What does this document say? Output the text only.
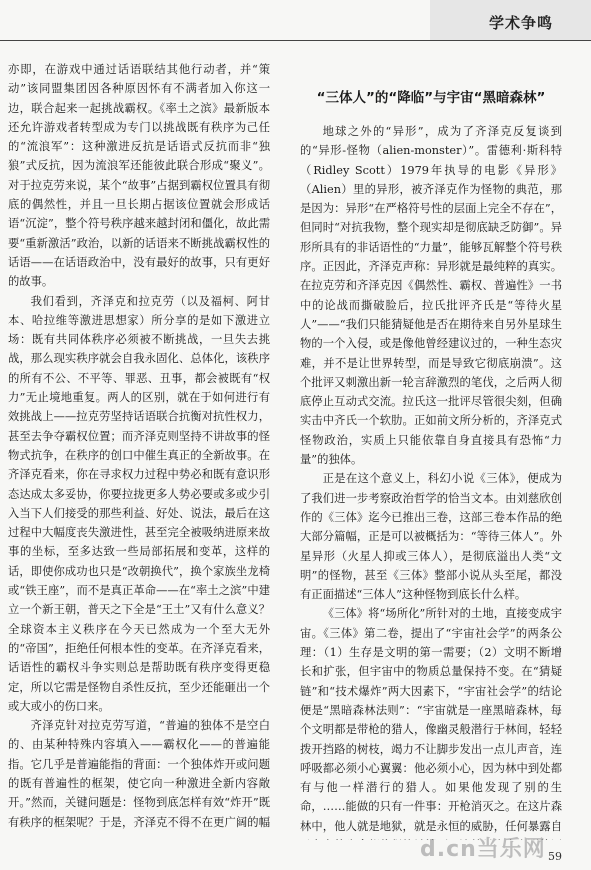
学术争鸣

亦即，在游戏中通过话语联结其他行动者，并“策动”该同盟集团因各种原因怀有不满者加入你这一边，联合起来一起挑战霸权。《率土之滨》最新版本还允许游戏者转型成为专门以挑战既有秩序为己任的“流浪军”：这种激进反抗是话语式反抗而非“独狼”式反抗，因为流浪军还能彼此联合形成“聚义”。对于拉克劳来说，某个“故事”占据到霸权位置具有彻底的偶然性，并且一旦长期占据该位置就会形成话语“沉淀”，整个符号秩序越来越封闭和僵化，故此需要“重新激活”政治，以新的话语来不断挑战霸权性的话语——在话语政治中，没有最好的故事，只有更好的故事。

我们看到，齐泽克和拉克劳（以及福柯、阿甘本、哈拉维等激进思想家）所分享的是如下激进立场：既有共同体秩序必须被不断挑战，一旦失去挑战，那么现实秩序就会自我永固化、总体化，该秩序的所有不公、不平等、罪恶、丑事，都会被既有“权力”无止境地重复。两人的区别，就在于如何进行有效挑战上——拉克劳坚持话语联合抗衡对抗性权力，甚至去争夺霸权位置；而齐泽克则坚持不讲故事的怪物式抗争，在秩序的创口中催生真正的全新故事。在齐泽克看来，你在寻求权力过程中势必和既有意识形态达成太多妥协，你要拉拢更多人势必要或多或少引入当下人们接受的那些利益、好处、说法，最后在这过程中大幅度丧失激进性，甚至完全被吸纳进原来故事的坐标，至多达致一些局部拓展和变革，这样的话，即使你成功也只是“改朝换代”，换个家族坐龙椅或“铁王座”，而不是真正革命——在“率土之滨”中建立一个新王朝，普天之下全是“王土”又有什么意义？全球资本主义秩序在今天已然成为一个至大无外的“帝国”，拒绝任何根本性的变革。在齐泽克看来，话语性的霸权斗争实则总是帮助既有秩序变得更稳定，所以它需是怪物自杀性反抗，至少还能砸出一个或大或小的伤口来。

齐泽克针对拉克劳写道，“普遍的独体不是空白的、由某种特殊内容填入——霸权化——的普遍能指。它几乎是普遍能指的背面：一个独体炸开或问题的既有普遍性的框架，使它向一种激进全新内容敞开。”然而，关键问题是：怪物到底怎样有效“炸开”既有秩序的框架呢？于是，齐泽克不得不在更广阔的幅

“三体人”的“降临”与宇宙“黑暗森林”

地球之外的“异形”，成为了齐泽克反复谈到的“异形-怪物（alien-monster）”。雷德利·斯科特（Ridley Scott）1979年执导的电影《异形》（Alien）里的异形，被齐泽克作为怪物的典范，那是因为：异形“在严格符号性的层面上完全不存在”，但同时“对抗我物，整个现实却是彻底缺乏防御”。异形所具有的非话语性的“力量”，能够瓦解整个符号秩序。正因此，齐泽克声称：异形就是最纯粹的真实。在拉克劳和齐泽克因《偶然性、霸权、普遍性》一书中的论战而撕破脸后，拉氏批评齐氏是“等待火星人”——“我们只能猜疑他是否在期待来自另外星球生物的一个入侵，或是像他曾经建议过的，一种生态灾难，并不是让世界转型，而是导致它彻底崩溃”。这个批评又刺激出新一轮言辞激烈的笔伐，之后两人彻底停止互动式交流。拉氏这一批评尽管很尖刻，但确实击中齐氏一个软肋。正如前文所分析的，齐泽克式怪物政治，实质上只能依靠自身直接具有恐怖“力量”的独体。

正是在这个意义上，科幻小说《三体》，便成为了我们进一步考察政治哲学的恰当文本。由刘慈欣创作的《三体》迄今已推出三卷，这部三卷本作品的绝大部分篇幅，正是可以被概括为：“等待三体人”。外星异形（火星人抑或三体人），是彻底溢出人类“文明”的怪物，甚至《三体》整部小说从头至尾，都没有正面描述“三体人”这种怪物到底长什么样。

《三体》将“场所化”所针对的土地，直接变成宇宙。《三体》第二卷，提出了“宇宙社会学”的两条公理：（1）生存是文明的第一需要；（2）文明不断增长和扩张，但宇宙中的物质总量保持不变。在“猜疑链”和“技术爆炸”两大因素下，“宇宙社会学”的结论便是“黑暗森林法则”：“宇宙就是一座黑暗森林，每个文明都是带枪的猎人，像幽灵般潜行于林间，轻轻拨开挡路的树枝，竭力不让脚步发出一点儿声音，连呼吸都必须小心翼翼：他必须小心，因为林中到处都有与他一样潜行的猎人。如果他发现了别的生命，……能做的只有一件事：开枪消灭之。在这片森林中，他人就是地狱，就是永恒的威胁，任何暴露自

d.cn当乐网 59
